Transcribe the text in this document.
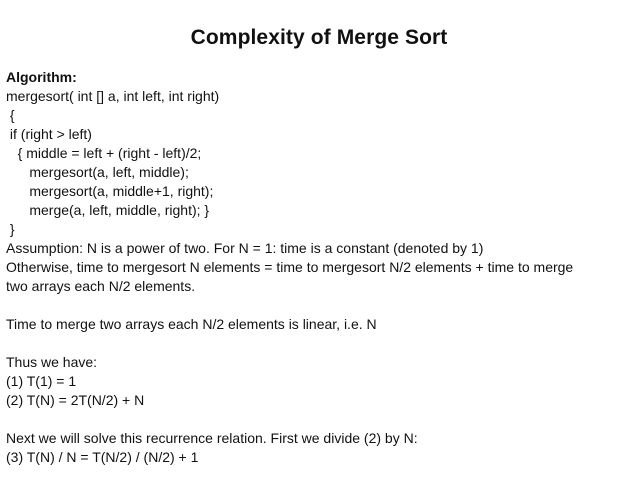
Complexity of Merge Sort
Algorithm:
mergesort( int [] a, int left, int right)
{
if (right > left)
{ middle = left + (right - left)/2;
mergesort(a, left, middle);
mergesort(a, middle+1, right);
merge(a, left, middle, right); }
}
Assumption: N is a power of two. For N = 1: time is a constant (denoted by 1)
Otherwise, time to mergesort N elements = time to mergesort N/2 elements + time to merge
two arrays each N/2 elements.
Time to merge two arrays each N/2 elements is linear, i.e. N
Thus we have:
(1) T(1) = 1
(2) T(N) = 2T(N/2) + N
Next we will solve this recurrence relation. First we divide (2) by N:
(3) T(N) / N = T(N/2) / (N/2) + 1
